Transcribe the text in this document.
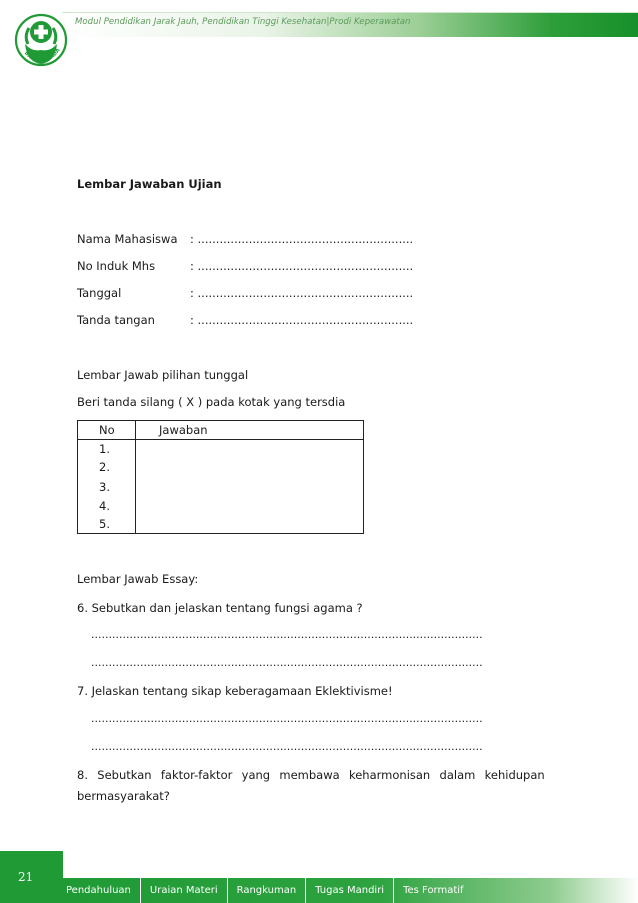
Modul Pendidikan Jarak Jauh, Pendidikan Tinggi Kesehatan|Prodi Keperawatan
BAKTI HUSADA
Lembar Jawaban Ujian
Nama Mahasiswa : ...........................................................
No Induk Mhs	: ...........................................................
Tanggal	: ...........................................................
Tanda tangan	: ...........................................................
Lembar Jawab pilihan tunggal
Beri tanda silang ( X ) pada kotak yang tersdia
No	Jawaban
1.
2.
3.
4.
5.
Lembar Jawab Essay:
6. Sebutkan dan jelaskan tentang fungsi agama ?
................................................................................................................
................................................................................................................
7. Jelaskan tentang sikap keberagamaan Eklektivisme!
................................................................................................................
................................................................................................................
8.  Sebutkan  faktor-faktor  yang  membawa  keharmonisan  dalam  kehidupan
bermasyarakat?
21
Pendahuluan	Uraian Materi	Rangkuman	Tugas Mandiri	Tes Formatif
